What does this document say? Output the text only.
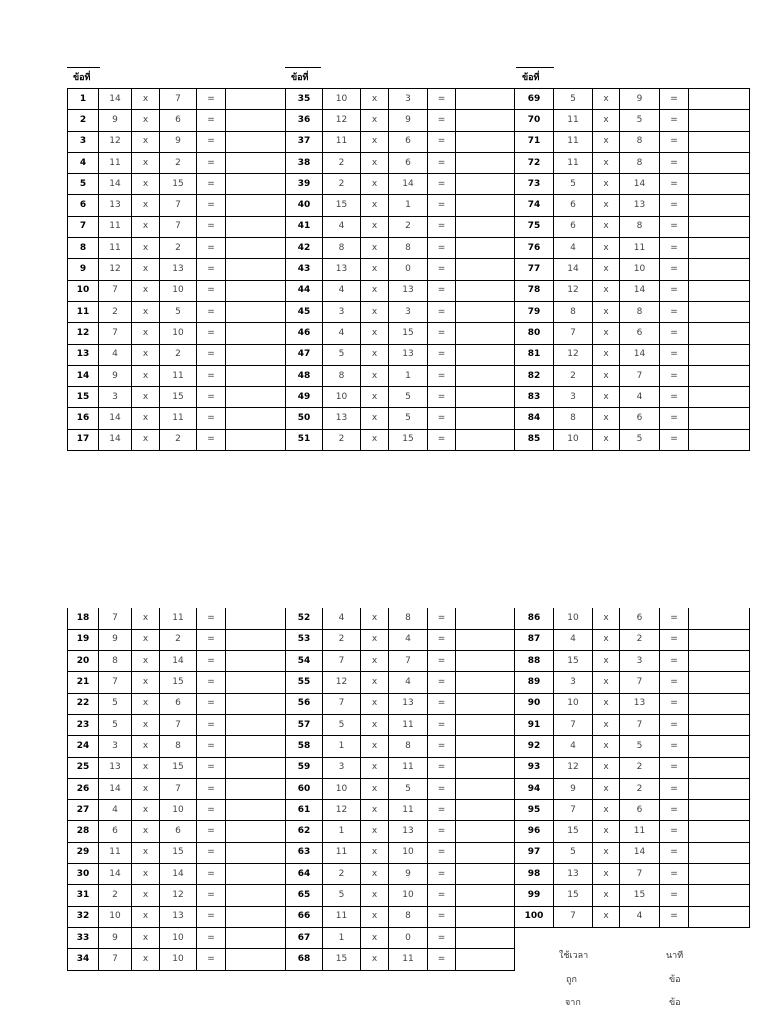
ข้อที่	ข้อที่	ข้อที่
1	14	x	7	=		35	10	x	3	=		69	5	x	9	=	
2	9	x	6	=		36	12	x	9	=		70	11	x	5	=	
3	12	x	9	=		37	11	x	6	=		71	11	x	8	=	
4	11	x	2	=		38	2	x	6	=		72	11	x	8	=	
5	14	x	15	=		39	2	x	14	=		73	5	x	14	=	
6	13	x	7	=		40	15	x	1	=		74	6	x	13	=	
7	11	x	7	=		41	4	x	2	=		75	6	x	8	=	
8	11	x	2	=		42	8	x	8	=		76	4	x	11	=	
9	12	x	13	=		43	13	x	0	=		77	14	x	10	=	
10	7	x	10	=		44	4	x	13	=		78	12	x	14	=	
11	2	x	5	=		45	3	x	3	=		79	8	x	8	=	
12	7	x	10	=		46	4	x	15	=		80	7	x	6	=	
13	4	x	2	=		47	5	x	13	=		81	12	x	14	=	
14	9	x	11	=		48	8	x	1	=		82	2	x	7	=	
15	3	x	15	=		49	10	x	5	=		83	3	x	4	=	
16	14	x	11	=		50	13	x	5	=		84	8	x	6	=	
17	14	x	2	=		51	2	x	15	=		85	10	x	5	=	
18	7	x	11	=		52	4	x	8	=		86	10	x	6	=	
19	9	x	2	=		53	2	x	4	=		87	4	x	2	=	
20	8	x	14	=		54	7	x	7	=		88	15	x	3	=	
21	7	x	15	=		55	12	x	4	=		89	3	x	7	=	
22	5	x	6	=		56	7	x	13	=		90	10	x	13	=	
23	5	x	7	=		57	5	x	11	=		91	7	x	7	=	
24	3	x	8	=		58	1	x	8	=		92	4	x	5	=	
25	13	x	15	=		59	3	x	11	=		93	12	x	2	=	
26	14	x	7	=		60	10	x	5	=		94	9	x	2	=	
27	4	x	10	=		61	12	x	11	=		95	7	x	6	=	
28	6	x	6	=		62	1	x	13	=		96	15	x	11	=	
29	11	x	15	=		63	11	x	10	=		97	5	x	14	=	
30	14	x	14	=		64	2	x	9	=		98	13	x	7	=	
31	2	x	12	=		65	5	x	10	=		99	15	x	15	=	
32	10	x	13	=		66	11	x	8	=		100	7	x	4	=	
33	9	x	10	=		67	1	x	0	=							
34	7	x	10	=		68	15	x	11	=								ใช้เวลา	นาที
ถูก	ข้อ
จาก	ข้อ
